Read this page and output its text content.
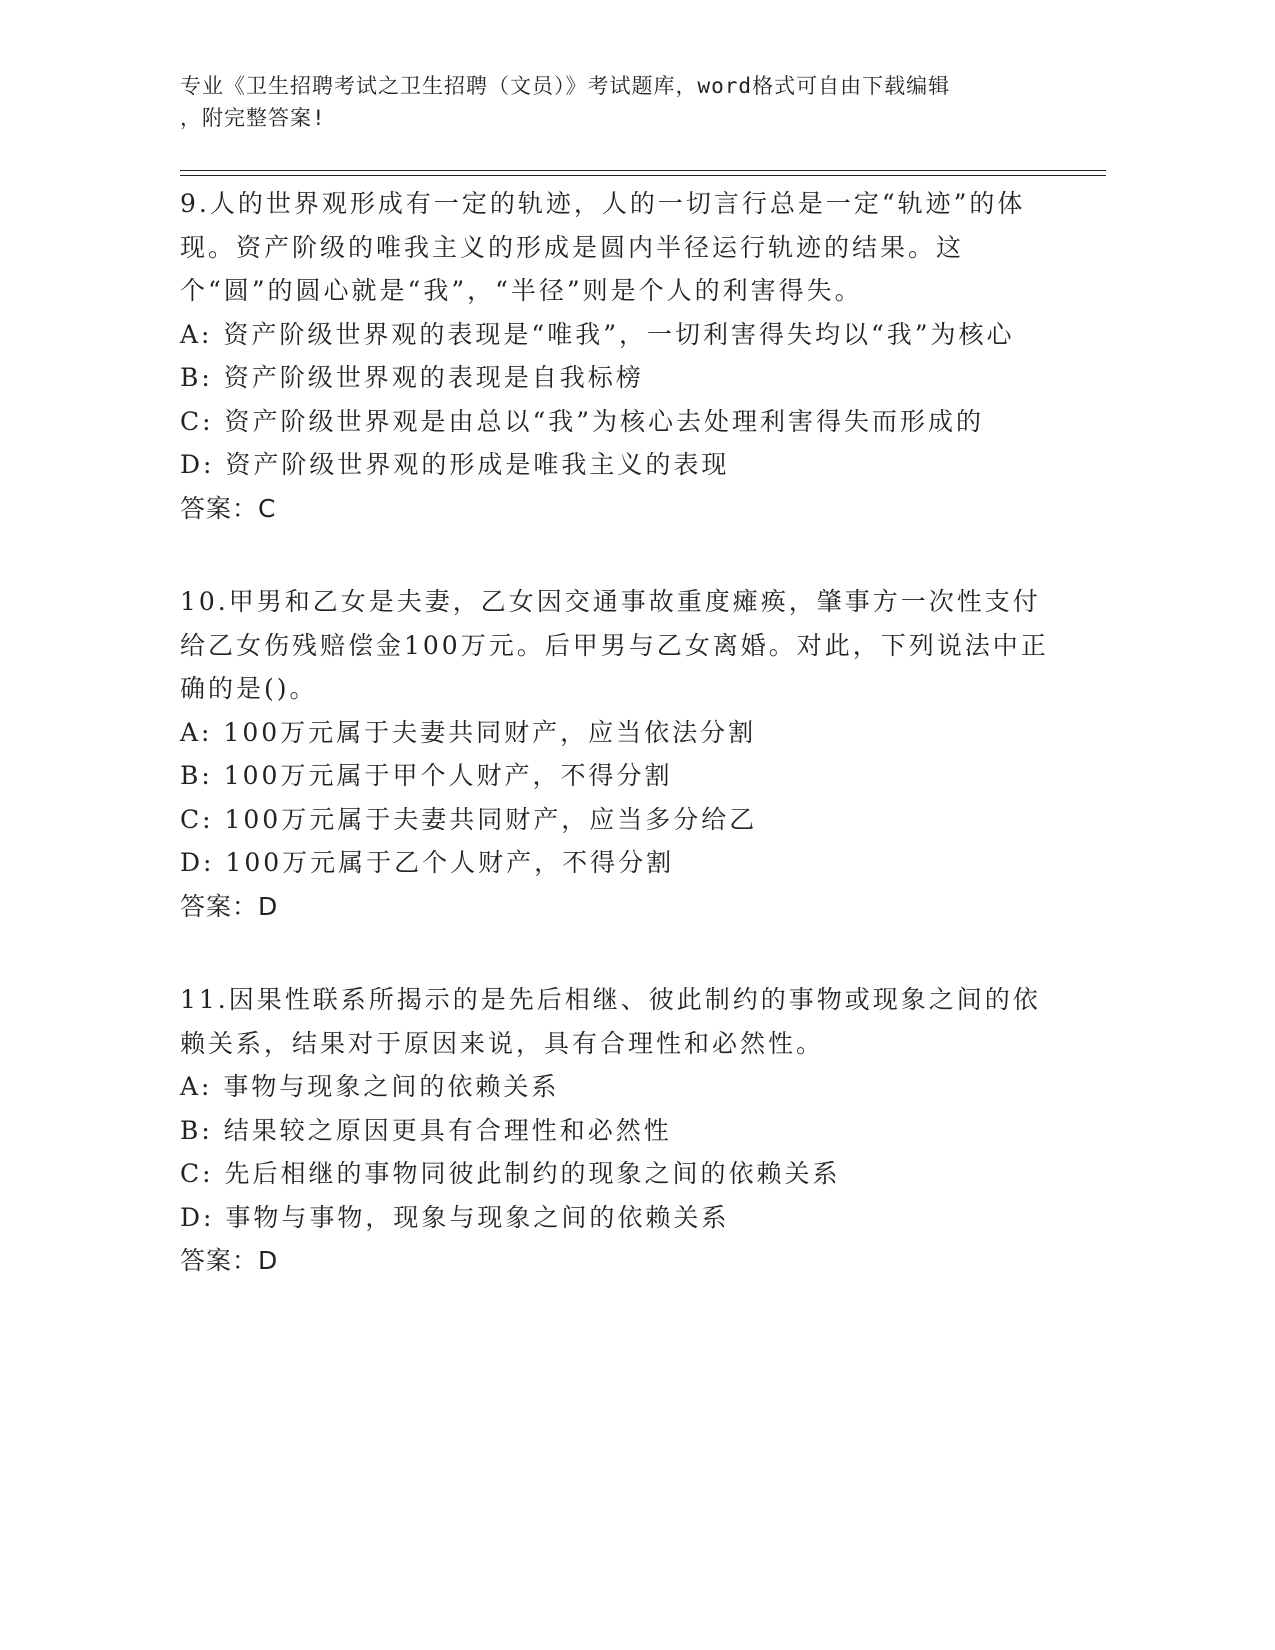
专业《卫生招聘考试之卫生招聘（文员）》考试题库，word格式可自由下载编辑
，附完整答案!

9.人的世界观形成有一定的轨迹，人的一切言行总是一定“轨迹”的体现。资产阶级的唯我主义的形成是圆内半径运行轨迹的结果。这个“圆”的圆心就是“我”，“半径”则是个人的利害得失。

A: 资产阶级世界观的表现是“唯我”，一切利害得失均以“我”为核心

B: 资产阶级世界观的表现是自我标榜

C: 资产阶级世界观是由总以“我”为核心去处理利害得失而形成的

D: 资产阶级世界观的形成是唯我主义的表现

答案：C

10.甲男和乙女是夫妻，乙女因交通事故重度瘫痪，肇事方一次性支付给乙女伤残赔偿金100万元。后甲男与乙女离婚。对此，下列说法中正确的是()。

A: 100万元属于夫妻共同财产，应当依法分割

B: 100万元属于甲个人财产，不得分割

C: 100万元属于夫妻共同财产，应当多分给乙

D: 100万元属于乙个人财产，不得分割

答案：D

11.因果性联系所揭示的是先后相继、彼此制约的事物或现象之间的依赖关系，结果对于原因来说，具有合理性和必然性。

A: 事物与现象之间的依赖关系

B: 结果较之原因更具有合理性和必然性

C: 先后相继的事物同彼此制约的现象之间的依赖关系

D: 事物与事物，现象与现象之间的依赖关系

答案：D
